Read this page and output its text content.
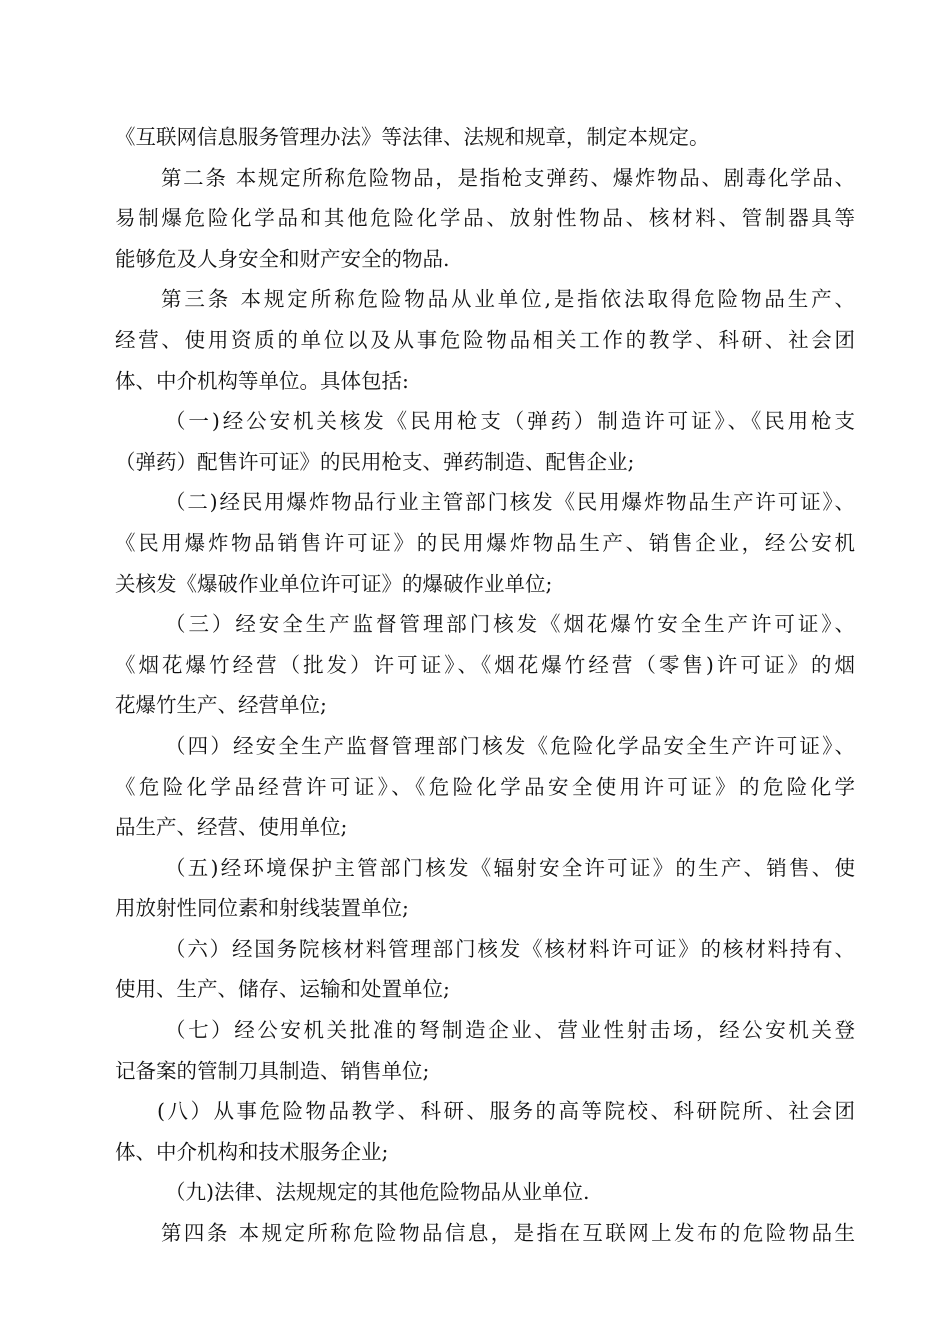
《互联网信息服务管理办法》等法律、法规和规章，制定本规定。
第二条 本规定所称危险物品，是指枪支弹药、爆炸物品、剧毒化学品、
易制爆危险化学品和其他危险化学品、放射性物品、核材料、管制器具等
能够危及人身安全和财产安全的物品.
第三条 本规定所称危险物品从业单位,是指依法取得危险物品生产、
经营、使用资质的单位以及从事危险物品相关工作的教学、科研、社会团
体、中介机构等单位。具体包括:
（一)经公安机关核发《民用枪支（弹药）制造许可证》、《民用枪支
（弹药）配售许可证》的民用枪支、弹药制造、配售企业;
（二)经民用爆炸物品行业主管部门核发《民用爆炸物品生产许可证》、
《民用爆炸物品销售许可证》的民用爆炸物品生产、销售企业，经公安机
关核发《爆破作业单位许可证》的爆破作业单位;
（三）经安全生产监督管理部门核发《烟花爆竹安全生产许可证》、
《烟花爆竹经营（批发）许可证》、《烟花爆竹经营（零售)许可证》的烟
花爆竹生产、经营单位;
（四）经安全生产监督管理部门核发《危险化学品安全生产许可证》、
《危险化学品经营许可证》、《危险化学品安全使用许可证》的危险化学
品生产、经营、使用单位;
（五)经环境保护主管部门核发《辐射安全许可证》的生产、销售、使
用放射性同位素和射线装置单位;
（六）经国务院核材料管理部门核发《核材料许可证》的核材料持有、
使用、生产、储存、运输和处置单位;
（七）经公安机关批准的弩制造企业、营业性射击场，经公安机关登
记备案的管制刀具制造、销售单位;
(八）从事危险物品教学、科研、服务的高等院校、科研院所、社会团
体、中介机构和技术服务企业;
（九)法律、法规规定的其他危险物品从业单位.
第四条 本规定所称危险物品信息，是指在互联网上发布的危险物品生
